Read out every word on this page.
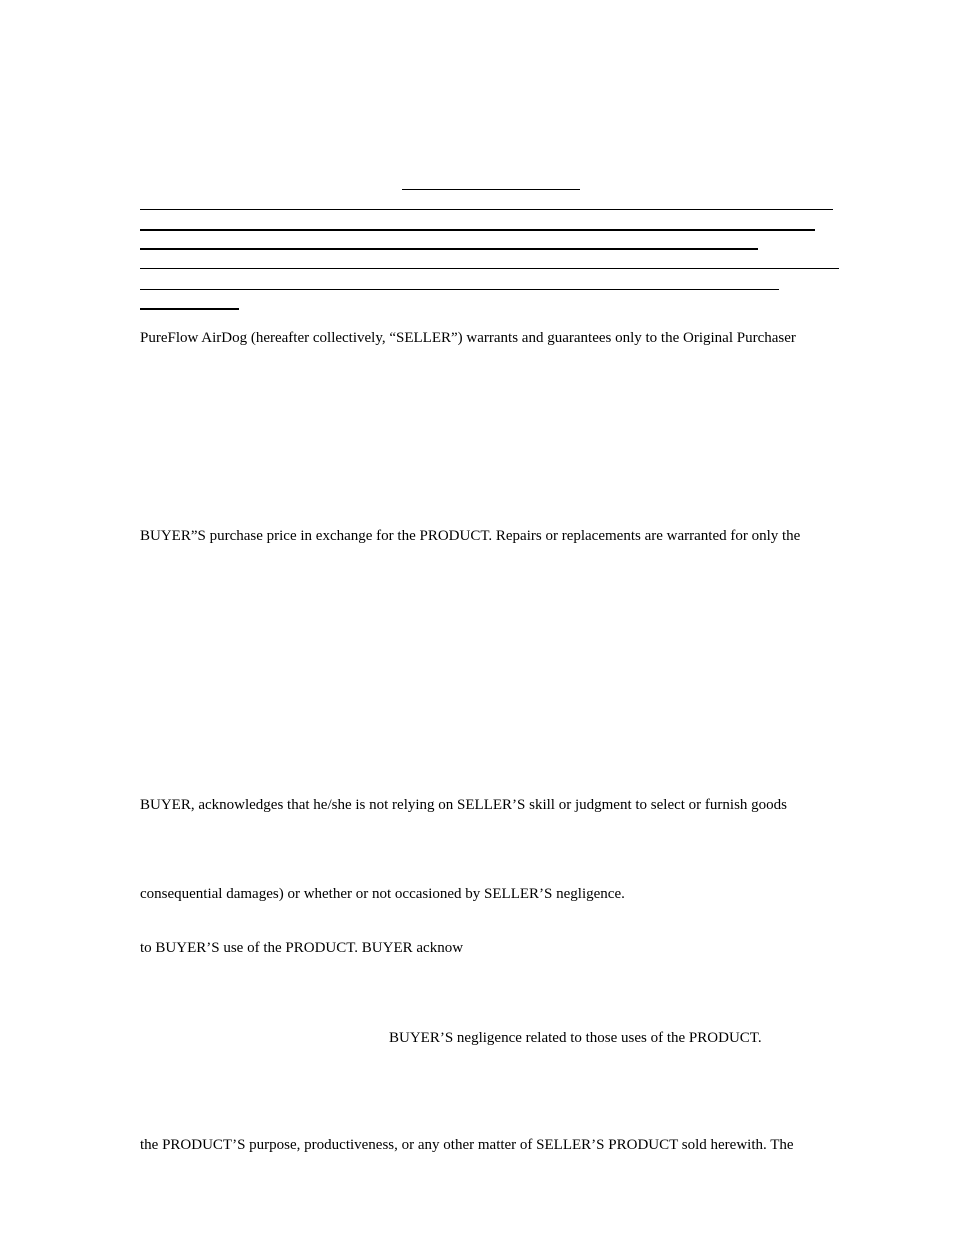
PureFlow AirDog (hereafter collectively, “SELLER”) warrants and guarantees only to the Original Purchaser
BUYER”S purchase price in exchange for the PRODUCT. Repairs or replacements are warranted for only the
BUYER, acknowledges that he/she is not relying on SELLER’S skill or judgment to select or furnish goods
consequential damages) or whether or not occasioned by SELLER’S negligence.
to BUYER’S use of the PRODUCT. BUYER acknow
BUYER’S negligence related to those uses of the PRODUCT.
the PRODUCT’S purpose, productiveness, or any other matter of SELLER’S PRODUCT sold herewith. The
